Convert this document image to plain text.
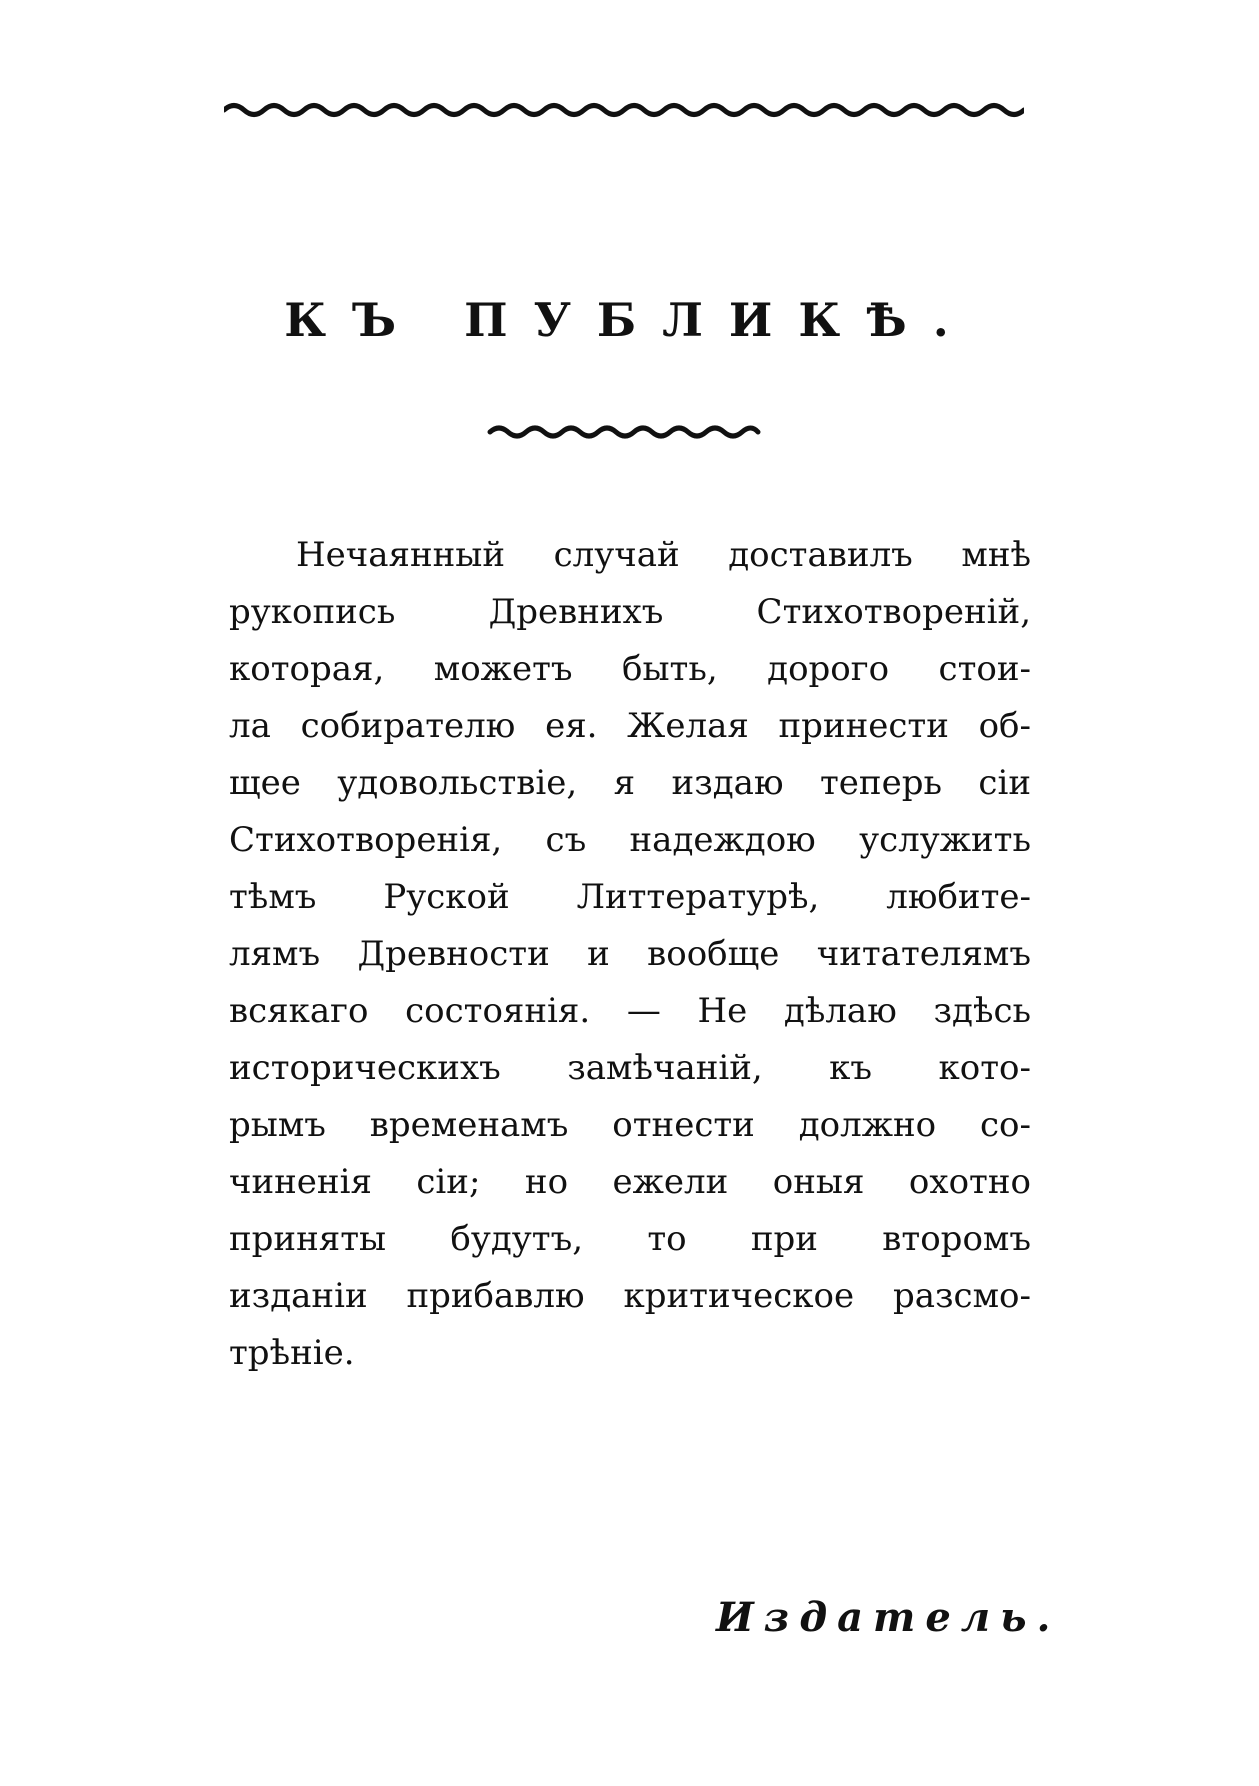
КЪ ПУБЛИКѢ.
Нечаянный случай доставилъ мнѣ
рукопись Древнихъ Стихотвореній,
которая, можетъ быть, дорого стои-
ла собирателю ея. Желая принести об-
щее удовольствіе, я издаю теперь сіи
Стихотворенія, съ надеждою услужить
тѣмъ Руской Литтературѣ, любите-
лямъ Древности и вообще читателямъ
всякаго состоянія. — Не дѣлаю здѣсь
историческихъ замѣчаній, къ кото-
рымъ временамъ отнести должно со-
чиненія сіи; но ежели оныя охотно
приняты будутъ, то при второмъ
изданіи прибавлю критическое разсмо-
трѣніе.
Издатель.
